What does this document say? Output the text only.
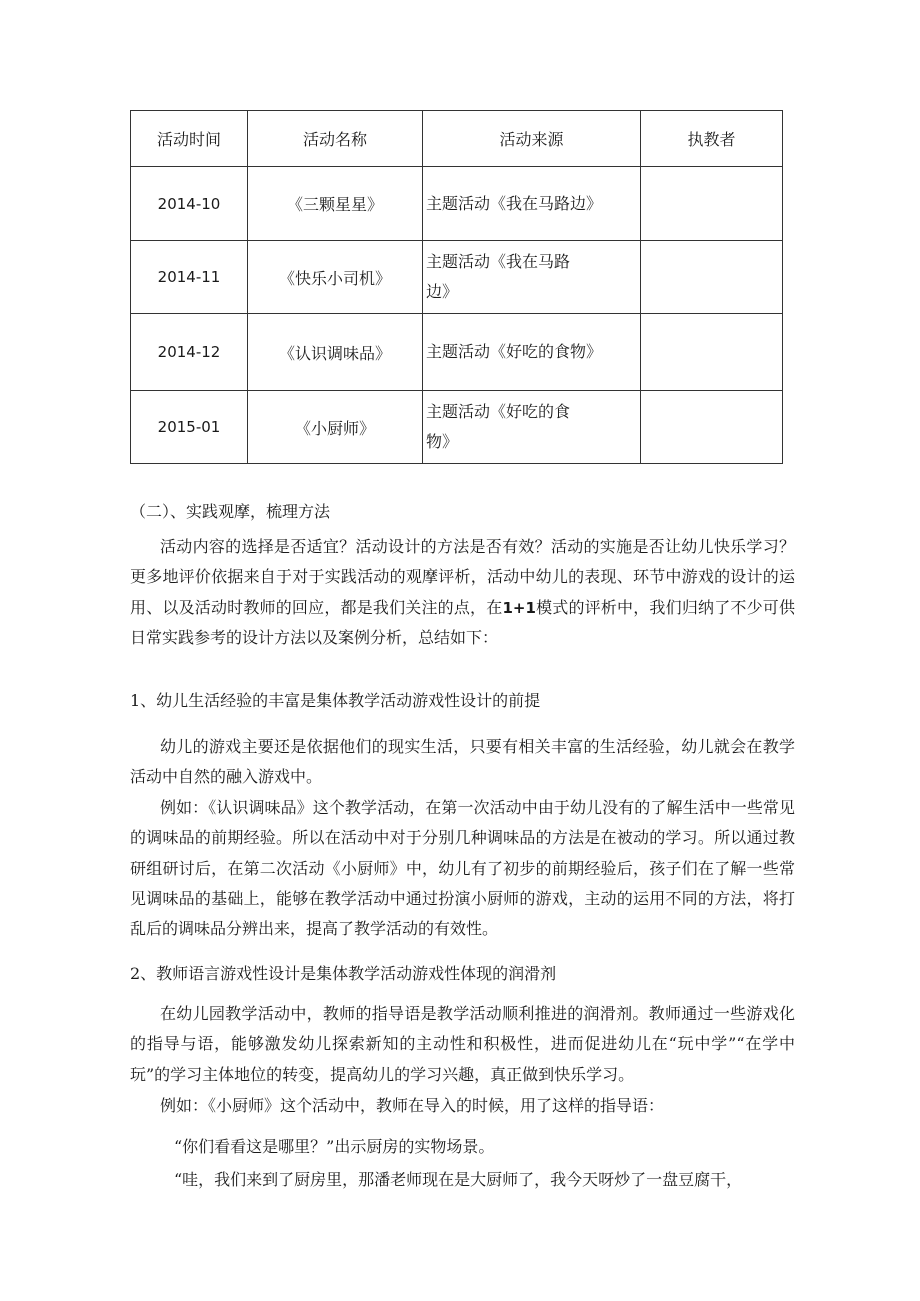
活动时间	活动名称	活动来源	执教者
2014-10	《三颗星星》	主题活动《我在马路边》	
2014-11	《快乐小司机》	主题活动《我在马路边》	

2014-12	《认识调味品》	主题活动《好吃的食物》	
2015-01	《小厨师》	主题活动《好吃的食物》	

（二）、实践观摩，梳理方法
活动内容的选择是否适宜？活动设计的方法是否有效？活动的实施是否让幼儿快乐学习？更多地评价依据来自于对于实践活动的观摩评析，活动中幼儿的表现、环节中游戏的设计的运用、以及活动时教师的回应，都是我们关注的点，在1+1模式的评析中，我们归纳了不少可供日常实践参考的设计方法以及案例分析，总结如下：
1、幼儿生活经验的丰富是集体教学活动游戏性设计的前提
幼儿的游戏主要还是依据他们的现实生活，只要有相关丰富的生活经验，幼儿就会在教学活动中自然的融入游戏中。
例如：《认识调味品》这个教学活动，在第一次活动中由于幼儿没有的了解生活中一些常见的调味品的前期经验。所以在活动中对于分别几种调味品的方法是在被动的学习。所以通过教研组研讨后，在第二次活动《小厨师》中，幼儿有了初步的前期经验后，孩子们在了解一些常见调味品的基础上，能够在教学活动中通过扮演小厨师的游戏，主动的运用不同的方法，将打乱后的调味品分辨出来，提高了教学活动的有效性。
2、教师语言游戏性设计是集体教学活动游戏性体现的润滑剂
在幼儿园教学活动中，教师的指导语是教学活动顺利推进的润滑剂。教师通过一些游戏化的指导与语，能够激发幼儿探索新知的主动性和积极性，进而促进幼儿在“玩中学”“在学中玩”的学习主体地位的转变，提高幼儿的学习兴趣，真正做到快乐学习。
例如：《小厨师》这个活动中，教师在导入的时候，用了这样的指导语：
“你们看看这是哪里？”出示厨房的实物场景。
“哇，我们来到了厨房里，那潘老师现在是大厨师了，我今天呀炒了一盘豆腐干，
